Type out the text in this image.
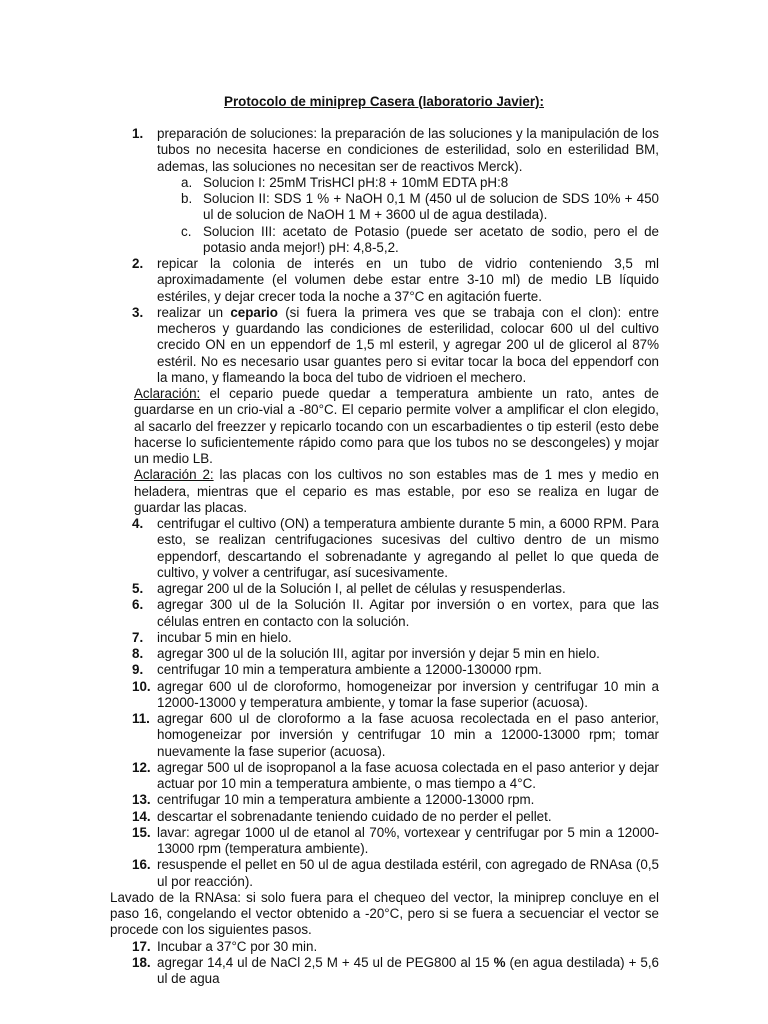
Protocolo de miniprep Casera (laboratorio Javier):
1. preparación de soluciones: la preparación de las soluciones y la manipulación de los tubos no necesita hacerse en condiciones de esterilidad, solo en esterilidad BM, ademas, las soluciones no necesitan ser de reactivos Merck).
a. Solucion I: 25mM TrisHCl pH:8 + 10mM EDTA pH:8
b. Solucion II: SDS 1 % + NaOH 0,1 M (450 ul de solucion de SDS 10% + 450 ul de solucion de NaOH 1 M + 3600 ul de agua destilada).
c. Solucion III: acetato de Potasio (puede ser acetato de sodio, pero el de potasio anda mejor!) pH: 4,8-5,2.
2. repicar la colonia de interés en un tubo de vidrio conteniendo 3,5 ml aproximadamente (el volumen debe estar entre 3-10 ml) de medio LB líquido estériles, y dejar crecer toda la noche a 37°C en agitación fuerte.
3. realizar un cepario (si fuera la primera ves que se trabaja con el clon): entre mecheros y guardando las condiciones de esterilidad, colocar 600 ul del cultivo crecido ON en un eppendorf de 1,5 ml esteril, y agregar 200 ul de glicerol al 87% estéril. No es necesario usar guantes pero si evitar tocar la boca del eppendorf con la mano, y flameando la boca del tubo de vidrioen el mechero.
Aclaración: el cepario puede quedar a temperatura ambiente un rato, antes de guardarse en un crio-vial a -80°C. El cepario permite volver a amplificar el clon elegido, al sacarlo del freezzer y repicarlo tocando con un escarbadientes o tip esteril (esto debe hacerse lo suficientemente rápido como para que los tubos no se descongeles) y mojar un medio LB.
Aclaración 2: las placas con los cultivos no son estables mas de 1 mes y medio en heladera, mientras que el cepario es mas estable, por eso se realiza en lugar de guardar las placas.
4. centrifugar el cultivo (ON) a temperatura ambiente durante 5 min, a 6000 RPM. Para esto, se realizan centrifugaciones sucesivas del cultivo dentro de un mismo eppendorf, descartando el sobrenadante y agregando al pellet lo que queda de cultivo, y volver a centrifugar, así sucesivamente.
5. agregar 200 ul de la Solución I, al pellet de células y resuspenderlas.
6. agregar 300 ul de la Solución II. Agitar por inversión o en vortex, para que las células entren en contacto con la solución.
7. incubar 5 min en hielo.
8. agregar 300 ul de la solución III, agitar por inversión y dejar 5 min en hielo.
9. centrifugar 10 min a temperatura ambiente a 12000-130000 rpm.
10. agregar 600 ul de cloroformo, homogeneizar por inversion y centrifugar 10 min a 12000-13000 y temperatura ambiente, y tomar la fase superior (acuosa).
11. agregar 600 ul de cloroformo a la fase acuosa recolectada en el paso anterior, homogeneizar por inversión y centrifugar 10 min a 12000-13000 rpm; tomar nuevamente la fase superior (acuosa).
12. agregar 500 ul de isopropanol a la fase acuosa colectada en el paso anterior y dejar actuar por 10 min a temperatura ambiente, o mas tiempo a 4°C.
13. centrifugar 10 min a temperatura ambiente a 12000-13000 rpm.
14. descartar el sobrenadante teniendo cuidado de no perder el pellet.
15. lavar: agregar 1000 ul de etanol al 70%, vortexear y centrifugar por 5 min a 12000-13000 rpm (temperatura ambiente).
16. resuspende el pellet en 50 ul de agua destilada estéril, con agregado de RNAsa (0,5 ul por reacción).
Lavado de la RNAsa: si solo fuera para el chequeo del vector, la miniprep concluye en el paso 16, congelando el vector obtenido a -20°C, pero si se fuera a secuenciar el vector se procede con los siguientes pasos.
17. Incubar a 37°C por 30 min.
18. agregar 14,4 ul de NaCl 2,5 M + 45 ul de PEG800 al 15 % (en agua destilada) + 5,6 ul de agua
